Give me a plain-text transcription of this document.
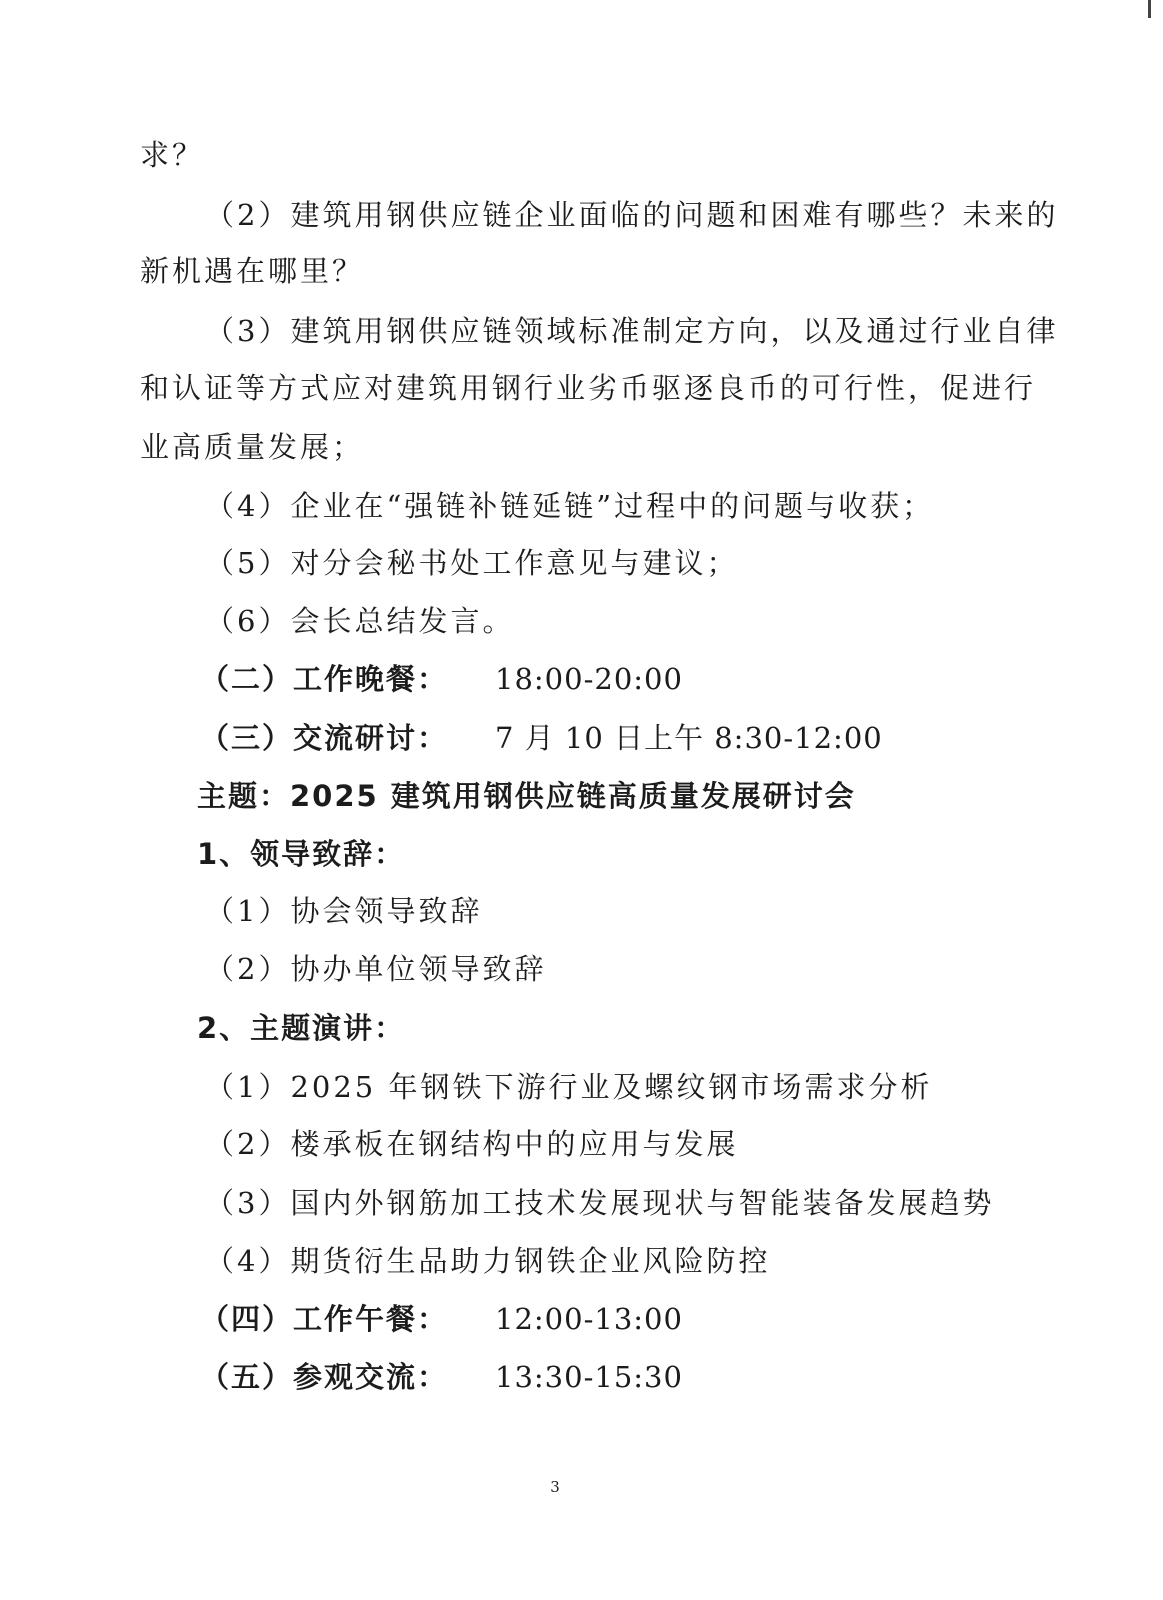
求？
（2）建筑用钢供应链企业面临的问题和困难有哪些？未来的
新机遇在哪里？
（3）建筑用钢供应链领域标准制定方向，以及通过行业自律
和认证等方式应对建筑用钢行业劣币驱逐良币的可行性，促进行
业高质量发展；
（4）企业在“强链补链延链”过程中的问题与收获；
（5）对分会秘书处工作意见与建议；
（6）会长总结发言。
（二）工作晚餐： 18:00-20:00
（三）交流研讨： 7 月 10 日上午 8:30-12:00
主题：2025 建筑用钢供应链高质量发展研讨会
1、领导致辞：
（1）协会领导致辞
（2）协办单位领导致辞
2、主题演讲：
（1）2025 年钢铁下游行业及螺纹钢市场需求分析
（2）楼承板在钢结构中的应用与发展
（3）国内外钢筋加工技术发展现状与智能装备发展趋势
（4）期货衍生品助力钢铁企业风险防控
（四）工作午餐： 12:00-13:00
（五）参观交流： 13:30-15:30
3
